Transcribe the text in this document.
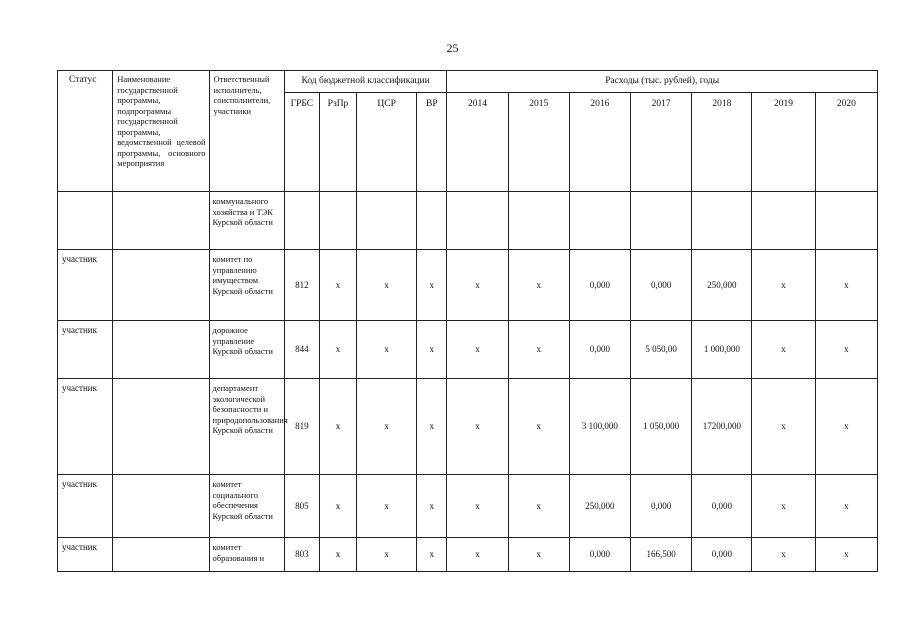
25
Статус	Наименование государственной программы, подпрограммы государственной программы, ведомственной целевой программы, основного мероприятия	Ответственный исполнитель, соисполнители, участники	Код бюджетной классификации				Расходы (тыс. рублей), годы						
			ГРБС	РзПр	ЦСР	ВР	2014	2015	2016	2017	2018	2019	2020
		коммунального хозяйства и ТЭК Курской области											
участник		комитет по управлению имуществом Курской области	812	x	x	x	x	x	0,000	0,000	250,000	x	x
участник		дорожное управление Курской области	844	x	x	x	x	x	0,000	5 050,00	1 000,000	x	x
участник		департамент экологической безопасности и природопользования Курской области	819	x	x	x	x	x	3 100,000	1 050,000	17200,000	x	x
участник		комитет социального обеспечения Курской области	805	x	x	x	x	x	250,000	0,000	0,000	x	x
участник		комитет образования и	803	x	x	x	x	x	0,000	166,500	0,000	x	x
